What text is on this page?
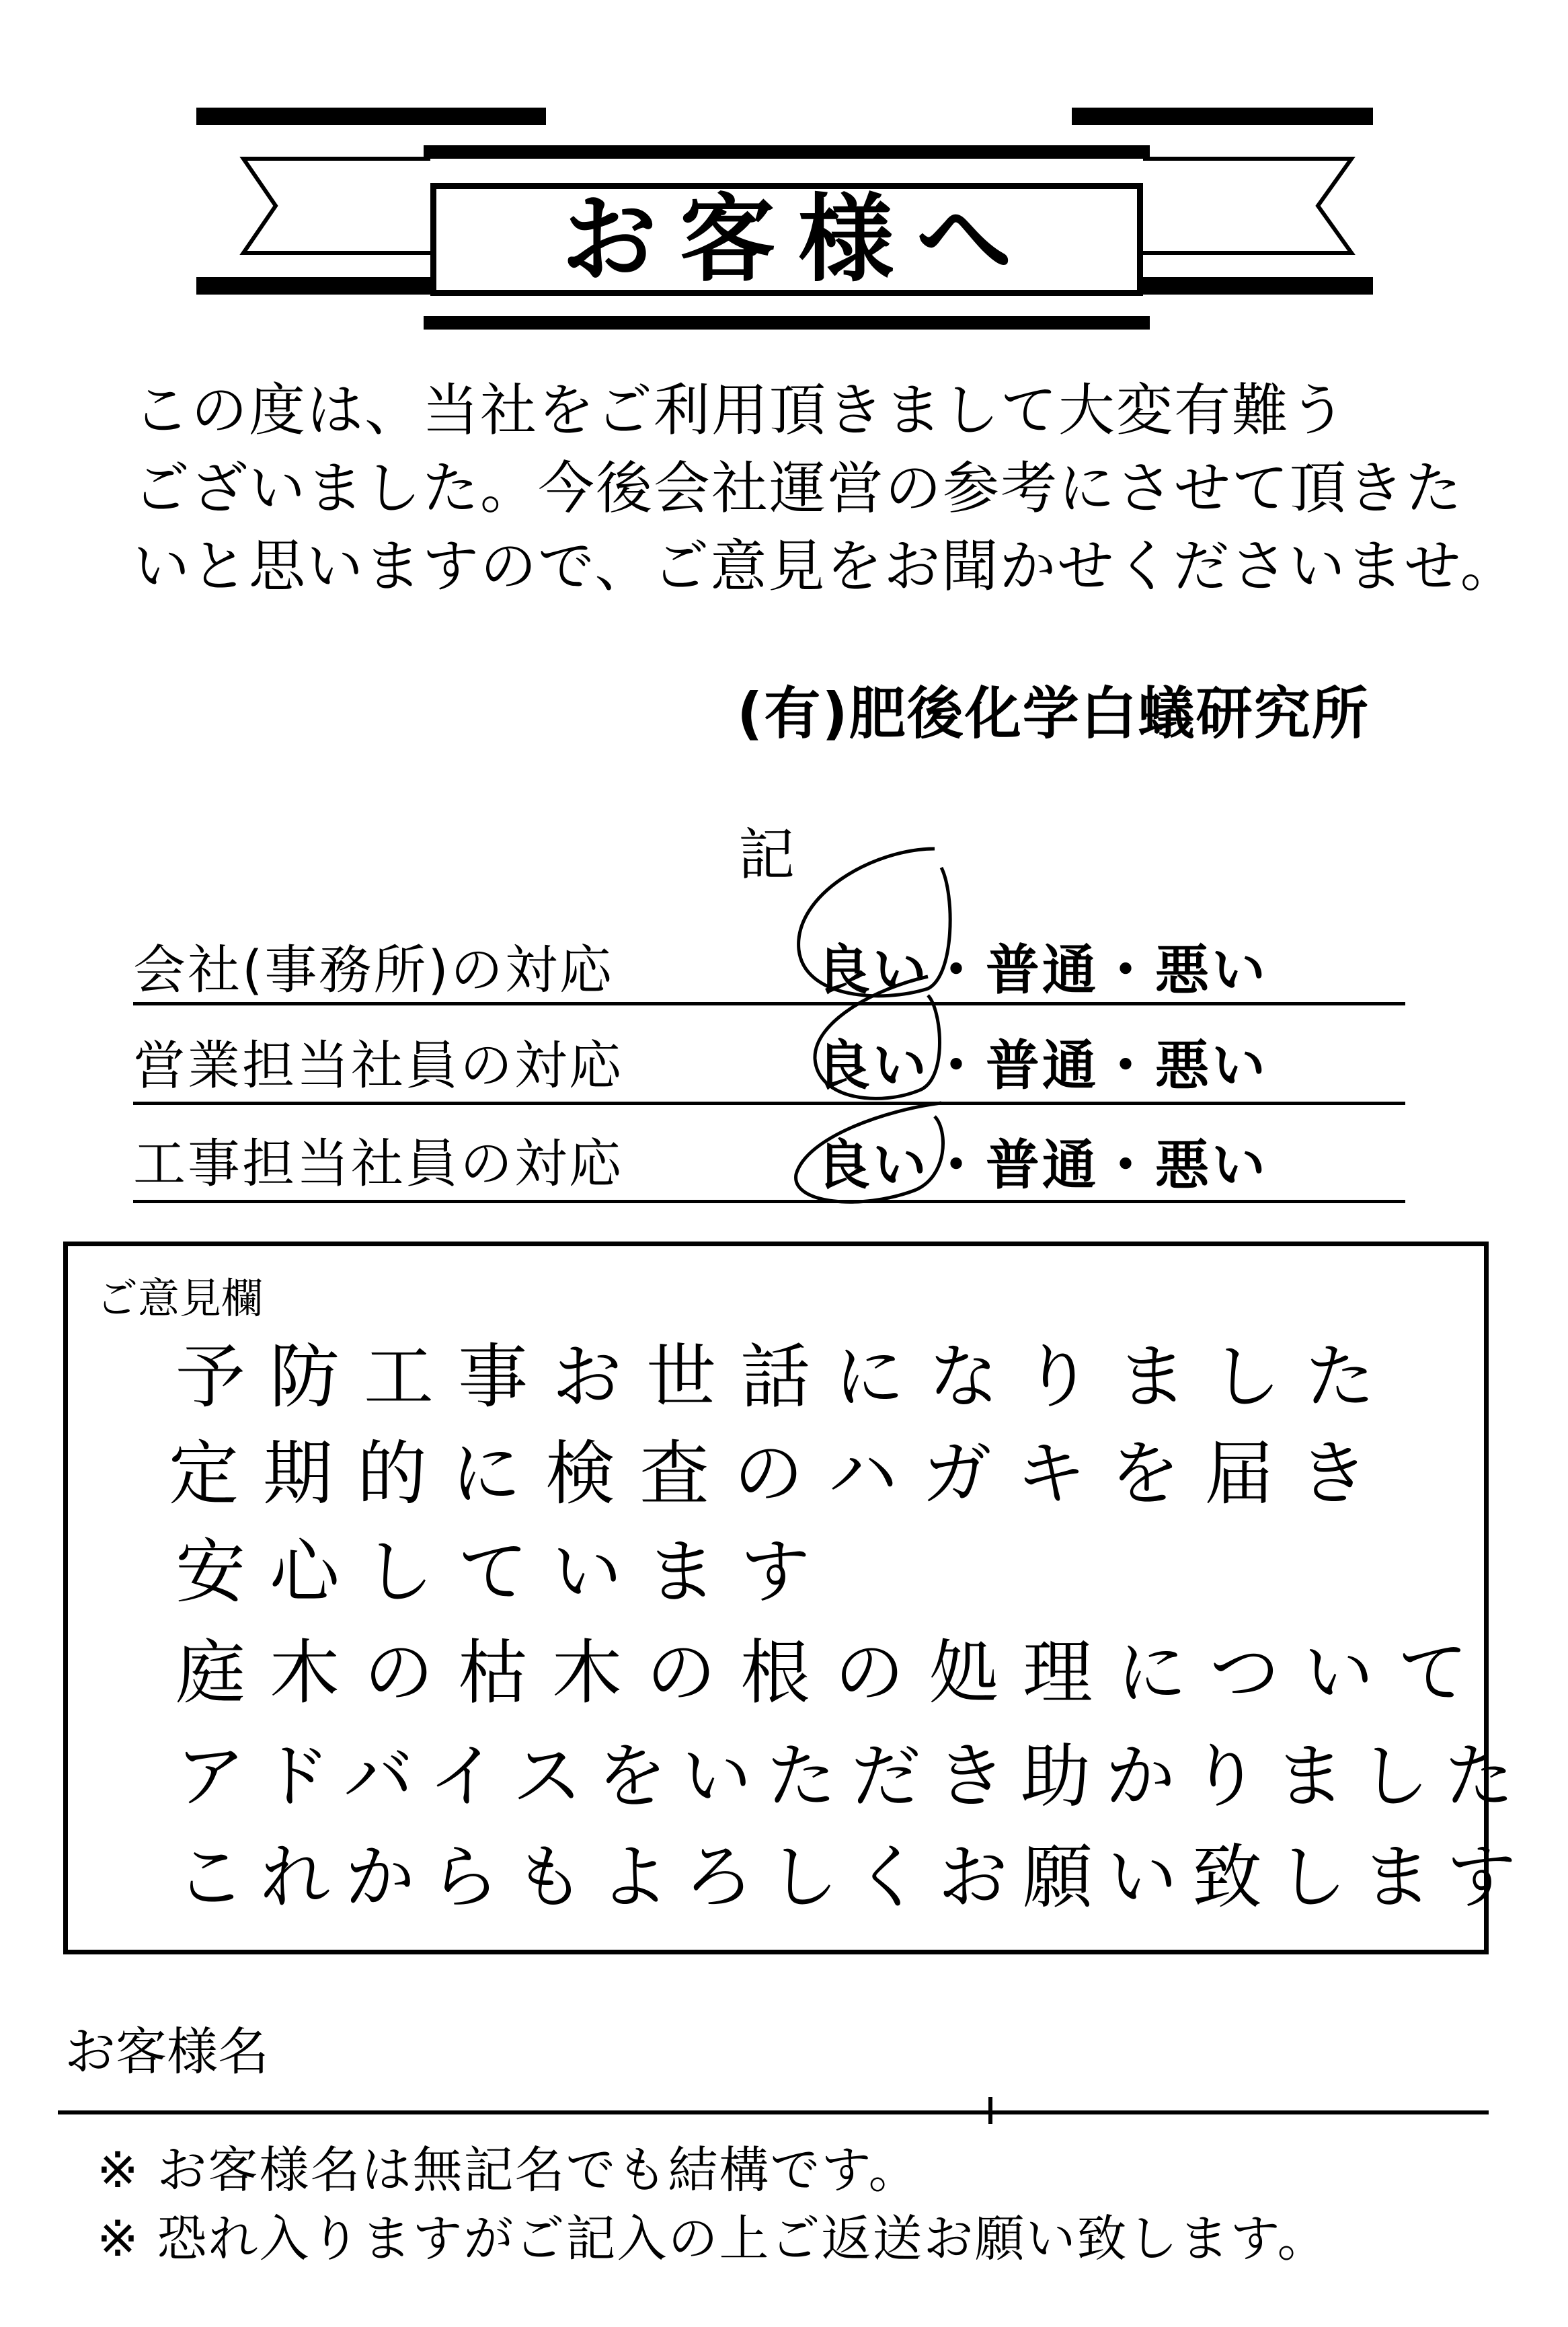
お客様へ
この度は、当社をご利用頂きまして大変有難う
ございました。今後会社運営の参考にさせて頂きた
いと思いますので、ご意見をお聞かせくださいませ。
(有)肥後化学白蟻研究所
記
会社(事務所)の対応	良い・普通・悪い
営業担当社員の対応	良い・普通・悪い
工事担当社員の対応	良い・普通・悪い
ご意見欄
予防工事お世話になりました
定期的に検査のハガキを届き
安心しています
庭木の枯木の根の処理について
アドバイスをいただき助かりました
これからもよろしくお願い致します
お客様名
※ お客様名は無記名でも結構です。
※ 恐れ入りますがご記入の上ご返送お願い致します。
